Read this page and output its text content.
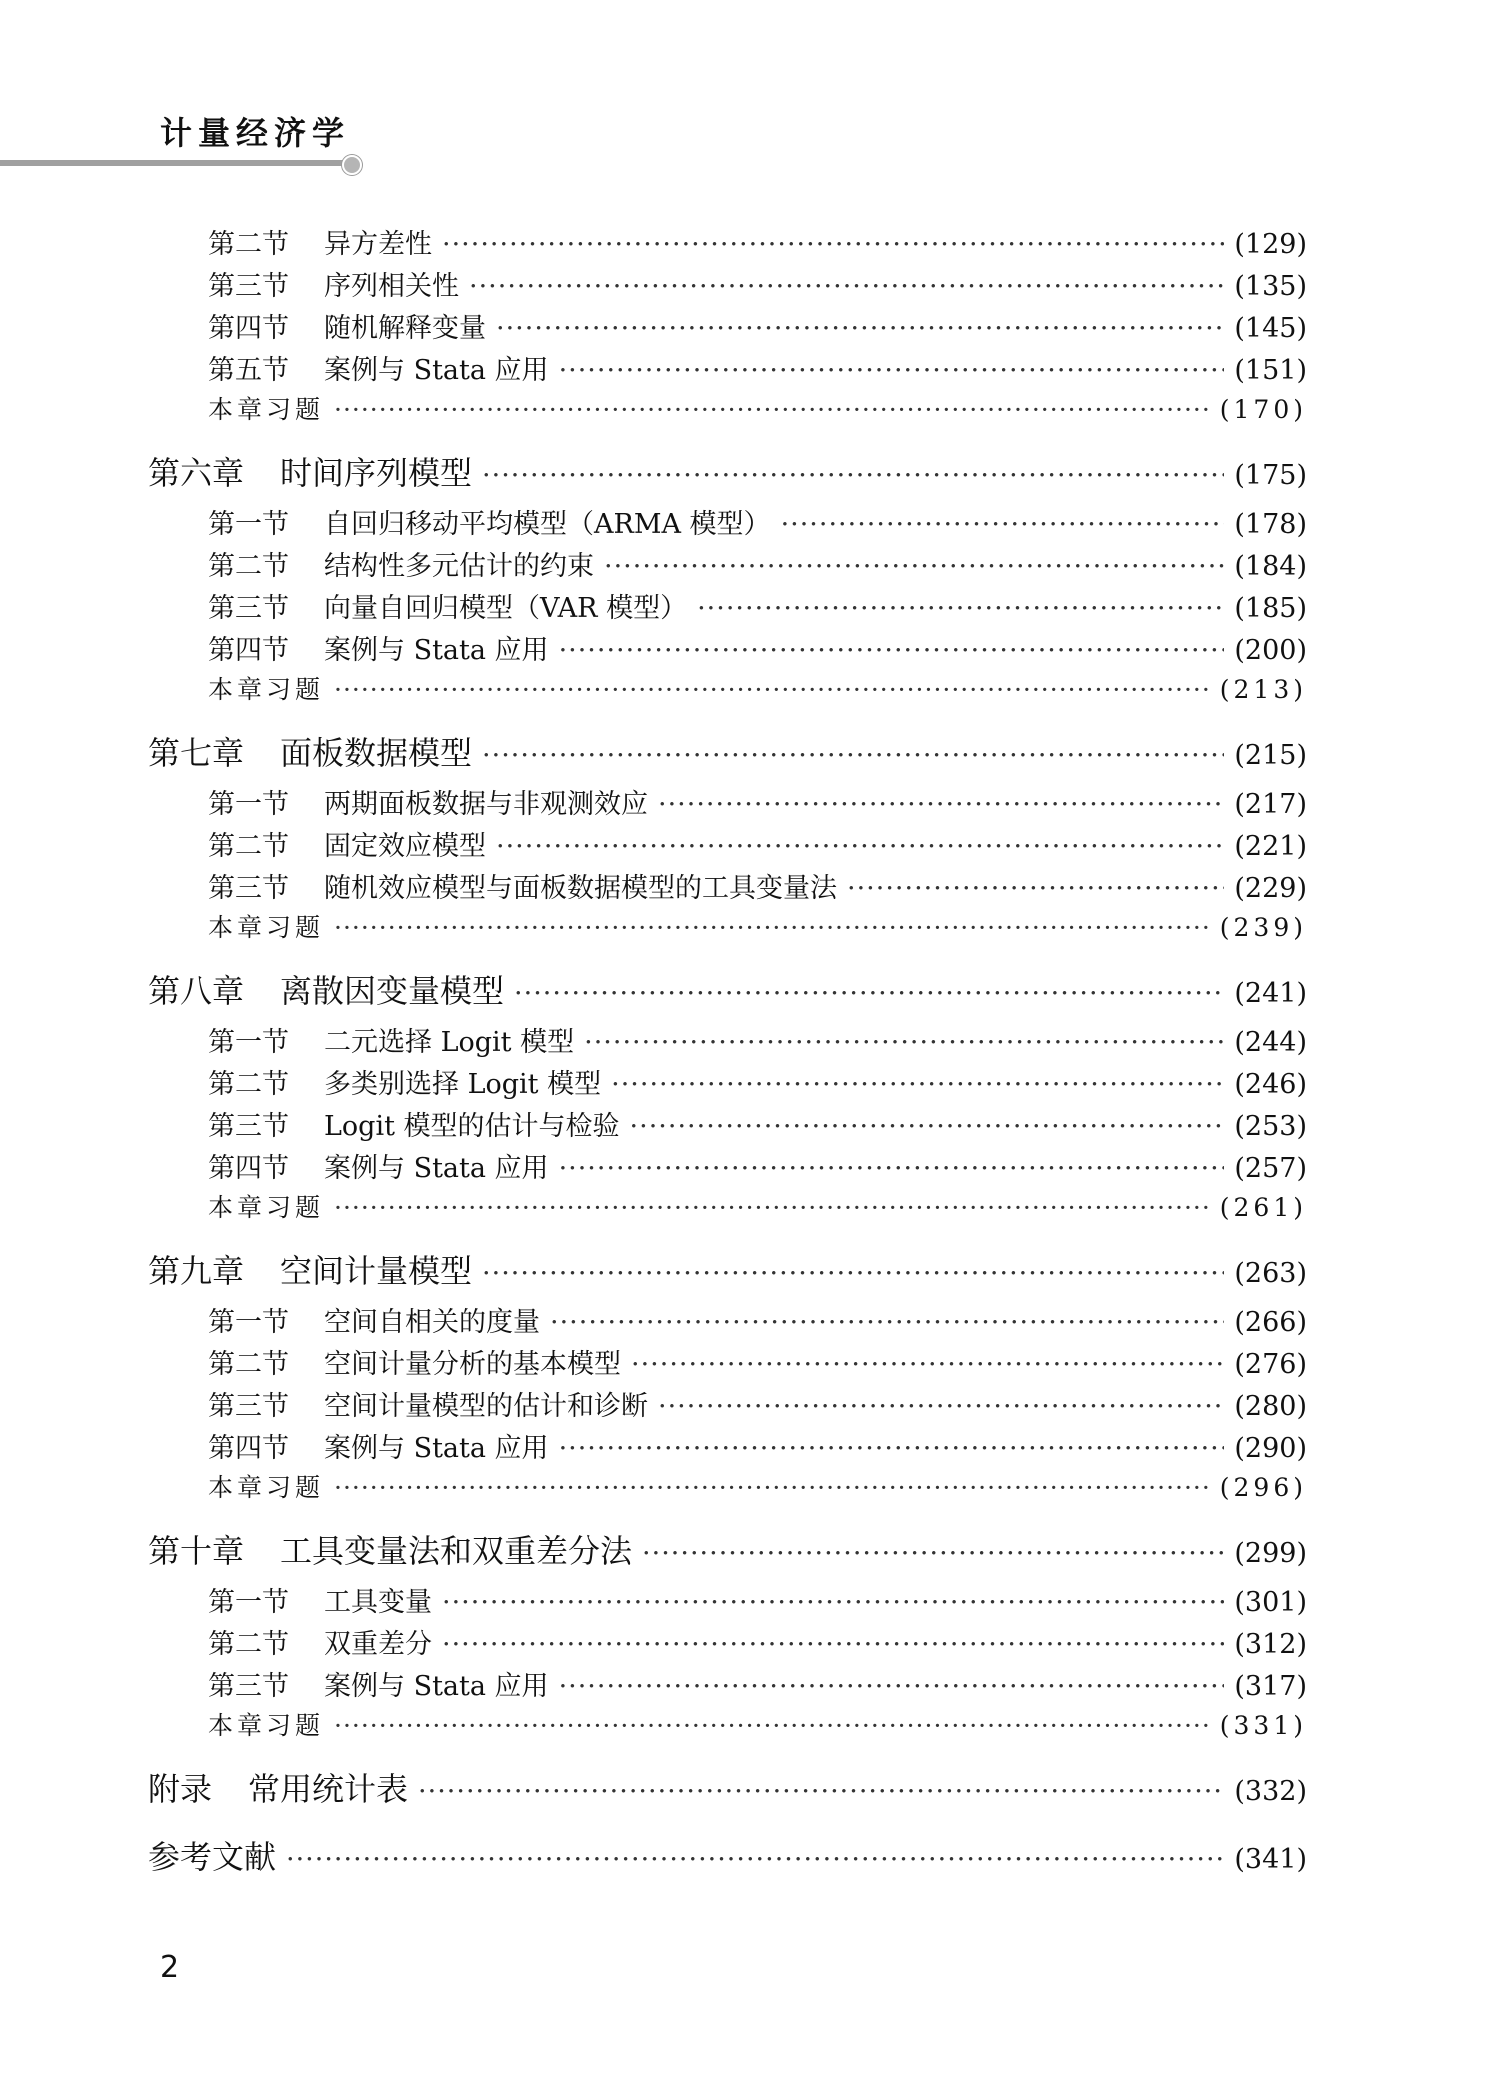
计量经济学
第二节	异方差性 ·····	(129)
第三节	序列相关性 ·····	(135)
第四节	随机解释变量 ·····	(145)
第五节	案例与 Stata 应用 ·····	(151)
本章习题 ·····	(170)
第六章 时间序列模型 ·····	(175)
第一节	自回归移动平均模型（ARMA 模型） ·····	(178)
第二节	结构性多元估计的约束 ·····	(184)
第三节	向量自回归模型（VAR 模型） ·····	(185)
第四节	案例与 Stata 应用 ·····	(200)
本章习题 ·····	(213)
第七章 面板数据模型 ·····	(215)
第一节	两期面板数据与非观测效应 ·····	(217)
第二节	固定效应模型 ·····	(221)
第三节	随机效应模型与面板数据模型的工具变量法 ·····	(229)
本章习题 ·····	(239)
第八章 离散因变量模型 ·····	(241)
第一节	二元选择 Logit 模型 ·····	(244)
第二节	多类别选择 Logit 模型 ·····	(246)
第三节	Logit 模型的估计与检验 ·····	(253)
第四节	案例与 Stata 应用 ·····	(257)
本章习题 ·····	(261)
第九章 空间计量模型 ·····	(263)
第一节	空间自相关的度量 ·····	(266)
第二节	空间计量分析的基本模型 ·····	(276)
第三节	空间计量模型的估计和诊断 ·····	(280)
第四节	案例与 Stata 应用 ·····	(290)
本章习题 ·····	(296)
第十章 工具变量法和双重差分法 ·····	(299)
第一节	工具变量 ·····	(301)
第二节	双重差分 ·····	(312)
第三节	案例与 Stata 应用 ·····	(317)
本章习题 ·····	(331)
附录 常用统计表 ·····	(332)
参考文献 ·····	(341)
2
